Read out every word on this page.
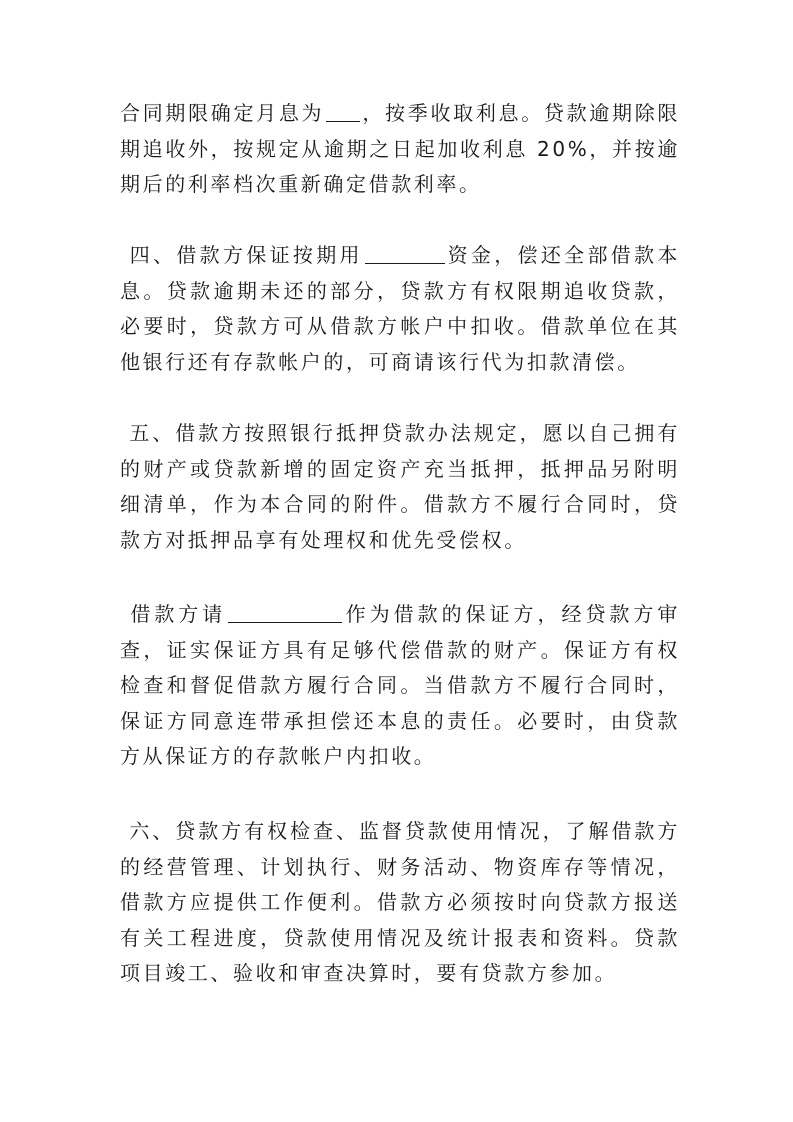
合同期限确定月息为 ，按季收取利息。贷款逾期除限期追收外，按规定从逾期之日起加收利息 20%，并按逾期后的利率档次重新确定借款利率。

四、借款方保证按期用	资金，偿还全部借款本息。贷款逾期未还的部分，贷款方有权限期追收贷款，必要时，贷款方可从借款方帐户中扣收。借款单位在其他银行还有存款帐户的，可商请该行代为扣款清偿。

五、借款方按照银行抵押贷款办法规定，愿以自己拥有的财产或贷款新增的固定资产充当抵押，抵押品另附明细清单，作为本合同的附件。借款方不履行合同时，贷款方对抵押品享有处理权和优先受偿权。

借款方请	作为借款的保证方，经贷款方审查，证实保证方具有足够代偿借款的财产。保证方有权检查和督促借款方履行合同。当借款方不履行合同时，保证方同意连带承担偿还本息的责任。必要时，由贷款方从保证方的存款帐户内扣收。

六、贷款方有权检查、监督贷款使用情况，了解借款方的经营管理、计划执行、财务活动、物资库存等情况，借款方应提供工作便利。借款方必须按时向贷款方报送有关工程进度，贷款使用情况及统计报表和资料。贷款项目竣工、验收和审查决算时，要有贷款方参加。
